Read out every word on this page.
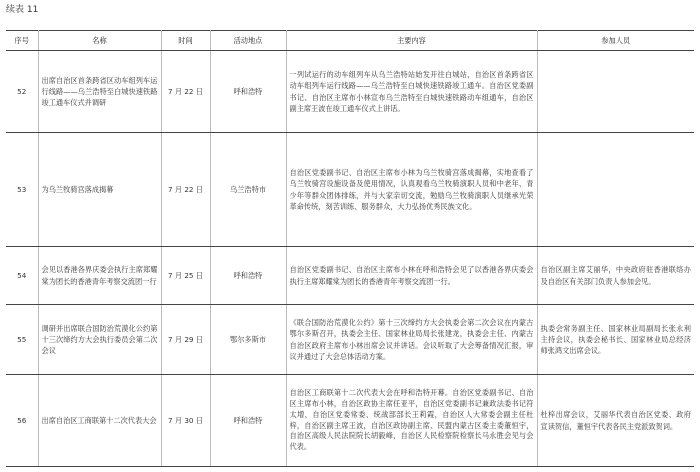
续表 11
序号	名称	时间	活动地点	主要内容	参加人员
52	出席自治区首条跨省区动车组列车运行线路——乌兰浩特至白城快速铁路竣工通车仪式并调研	7 月 22 日	呼和浩特	一列试运行的动车组列车从乌兰浩特站始发开往白城站，自治区首条跨省区动车组列车运行线路——乌兰浩特至白城快速铁路竣工通车。自治区党委副书记、自治区主席布小林宣布乌兰浩特至白城快速铁路动车组通车，自治区副主席王波在竣工通车仪式上讲话。	
53	为乌兰牧骑宫落成揭幕	7 月 22 日	乌兰浩特市	自治区党委副书记、自治区主席布小林为乌兰牧骑宫落成揭幕，实地查看了乌兰牧骑宫设施设备及使用情况，认真观看乌兰牧骑演职人员和中老年、青少年等群众团体排练，并与大家亲切交流，勉励乌兰牧骑演职人员继承光荣革命传统，刻苦训练、服务群众，大力弘扬优秀民族文化。	
54	会见以香港各界庆委会执行主席郑耀棠为团长的香港青年考察交流团一行	7 月 25 日	呼和浩特	自治区党委副书记、自治区主席布小林在呼和浩特会见了以香港各界庆委会执行主席郑耀棠为团长的香港青年考察交流团一行。	自治区副主席艾丽华，中央政府驻香港联络办及自治区有关部门负责人参加会见。
55	调研并出席联合国防治荒漠化公约第十三次缔约方大会执行委员会第二次会议	7 月 29 日	鄂尔多斯市	《联合国防治荒漠化公约》第十三次缔约方大会执委会第二次会议在内蒙古鄂尔多斯召开，执委会主任、国家林业局局长张建龙，执委会主任、内蒙古自治区政府主席布小林出席会议并讲话。会议听取了大会筹备情况汇报，审议并通过了大会总体活动方案。	执委会常务副主任、国家林业局副局长张永利主持会议，执委会秘书长、国家林业局总经济师张鸿文出席会议。
56	出席自治区工商联第十二次代表大会	7 月 30 日	呼和浩特	自治区工商联第十二次代表大会在呼和浩特开幕。自治区党委副书记、自治区主席布小林，自治区政协主席任亚平，自治区党委副书记兼政法委书记符太增，自治区党委常委、统战部部长王莉霞，自治区人大常委会副主任杜梓，自治区副主席王波，自治区政协副主席、民盟内蒙古区委主委董恒宇，自治区高级人民法院院长胡毅峰，自治区人民检察院检察长马永胜会见与会代表。	杜梓出席会议，艾丽华代表自治区党委、政府宣读贺信，董恒宇代表各民主党派致贺词。
